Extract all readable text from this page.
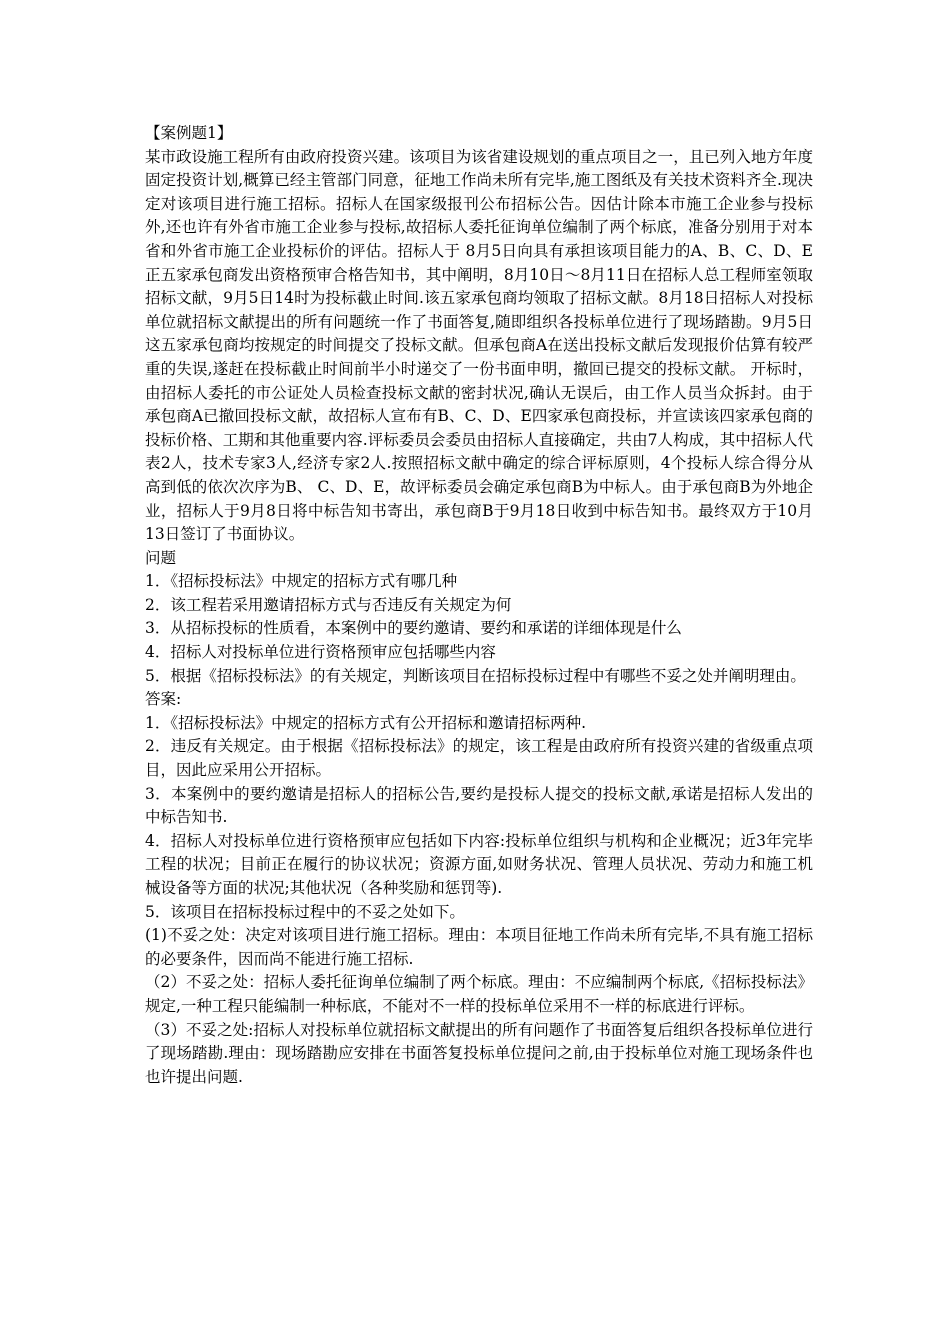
【案例题1】

某市政设施工程所有由政府投资兴建。该项目为该省建设规划的重点项目之一，且已列入地方年度固定投资计划,概算已经主管部门同意，征地工作尚未所有完毕,施工图纸及有关技术资料齐全.现决定对该项目进行施工招标。招标人在国家级报刊公布招标公告。因估计除本市施工企业参与投标外,还也许有外省市施工企业参与投标,故招标人委托征询单位编制了两个标底，准备分别用于对本省和外省市施工企业投标价的评估。招标人于 8月5日向具有承担该项目能力的A、B、C、D、E正五家承包商发出资格预审合格告知书，其中阐明，8月10日～8月11日在招标人总工程师室领取招标文献，9月5日14时为投标截止时间.该五家承包商均领取了招标文献。8月18日招标人对投标单位就招标文献提出的所有问题统一作了书面答复,随即组织各投标单位进行了现场踏勘。9月5日这五家承包商均按规定的时间提交了投标文献。但承包商A在送出投标文献后发现报价估算有较严重的失误,遂赶在投标截止时间前半小时递交了一份书面申明，撤回已提交的投标文献。 开标时，由招标人委托的市公证处人员检查投标文献的密封状况,确认无误后，由工作人员当众拆封。由于承包商A已撤回投标文献，故招标人宣布有B、C、D、E四家承包商投标，并宣读该四家承包商的投标价格、工期和其他重要内容.评标委员会委员由招标人直接确定，共由7人构成，其中招标人代表2人，技术专家3人,经济专家2人.按照招标文献中确定的综合评标原则，4个投标人综合得分从高到低的依次次序为B、 C、D、E，故评标委员会确定承包商B为中标人。由于承包商B为外地企业，招标人于9月8日将中标告知书寄出，承包商B于9月18日收到中标告知书。最终双方于10月13日签订了书面协议。

问题

1．《招标投标法》中规定的招标方式有哪几种

2．该工程若采用邀请招标方式与否违反有关规定为何

3．从招标投标的性质看，本案例中的要约邀请、要约和承诺的详细体现是什么

4．招标人对投标单位进行资格预审应包括哪些内容

5．根据《招标投标法》的有关规定，判断该项目在招标投标过程中有哪些不妥之处并阐明理由。

答案:

1．《招标投标法》中规定的招标方式有公开招标和邀请招标两种.

2．违反有关规定。由于根据《招标投标法》的规定，该工程是由政府所有投资兴建的省级重点项目，因此应采用公开招标。

3．本案例中的要约邀请是招标人的招标公告,要约是投标人提交的投标文献,承诺是招标人发出的中标告知书.

4．招标人对投标单位进行资格预审应包括如下内容:投标单位组织与机构和企业概况；近3年完毕工程的状况；目前正在履行的协议状况；资源方面,如财务状况、管理人员状况、劳动力和施工机械设备等方面的状况;其他状况（各种奖励和惩罚等).

5．该项目在招标投标过程中的不妥之处如下。

(1)不妥之处：决定对该项目进行施工招标。理由：本项目征地工作尚未所有完毕,不具有施工招标的必要条件，因而尚不能进行施工招标.

（2）不妥之处：招标人委托征询单位编制了两个标底。理由：不应编制两个标底,《招标投标法》规定,一种工程只能编制一种标底，不能对不一样的投标单位采用不一样的标底进行评标。

（3）不妥之处:招标人对投标单位就招标文献提出的所有问题作了书面答复后组织各投标单位进行了现场踏勘.理由：现场踏勘应安排在书面答复投标单位提问之前,由于投标单位对施工现场条件也也许提出问题.
